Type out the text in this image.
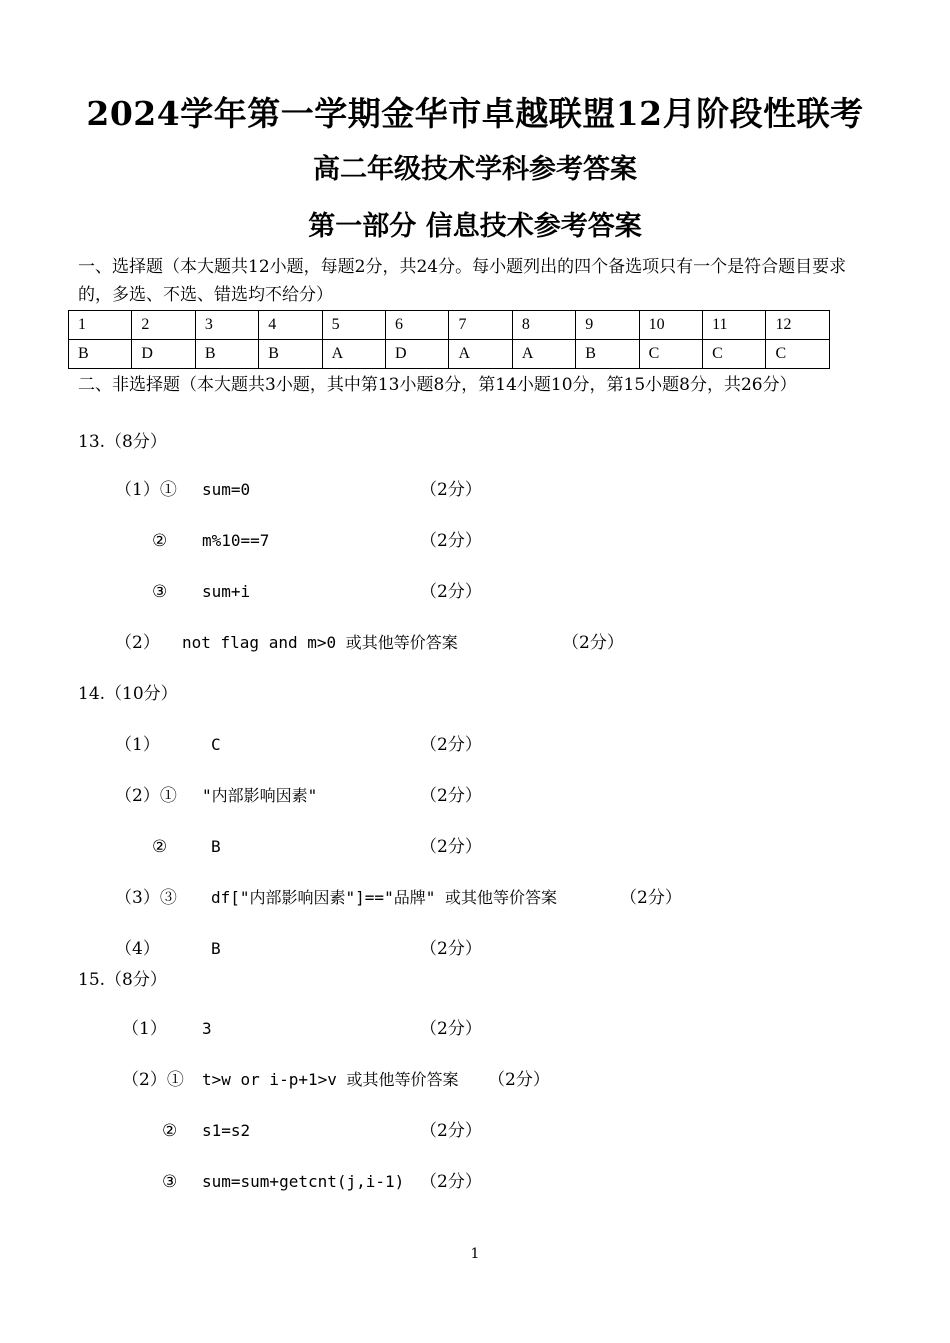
2024学年第一学期金华市卓越联盟12月阶段性联考
高二年级技术学科参考答案
第一部分 信息技术参考答案
一、选择题（本大题共12小题，每题2分，共24分。每小题列出的四个备选项只有一个是符合题目要求的，多选、不选、错选均不给分）
1	2	3	4	5	6	7	8	9	10	11	12
B	D	B	B	A	D	A	A	B	C	C	C
二、非选择题（本大题共3小题，其中第13小题8分，第14小题10分，第15小题8分，共26分）
13.（8分）
（1）① sum=0	（2分）
② m%10==7	（2分）
③ sum+i	（2分）
（2） not flag and m>0 或其他等价答案	（2分）
14.（10分）
（1）	C	（2分）
（2）① "内部影响因素"	（2分）
②	B	（2分）
（3）③ df["内部影响因素"]=="品牌" 或其他等价答案	（2分）
（4）	B	（2分）
15.（8分）
（1） 3	（2分）
（2）① t>w or i-p+1>v 或其他等价答案 （2分）
② s1=s2	（2分）
③ sum=sum+getcnt(j,i-1) （2分）
1
